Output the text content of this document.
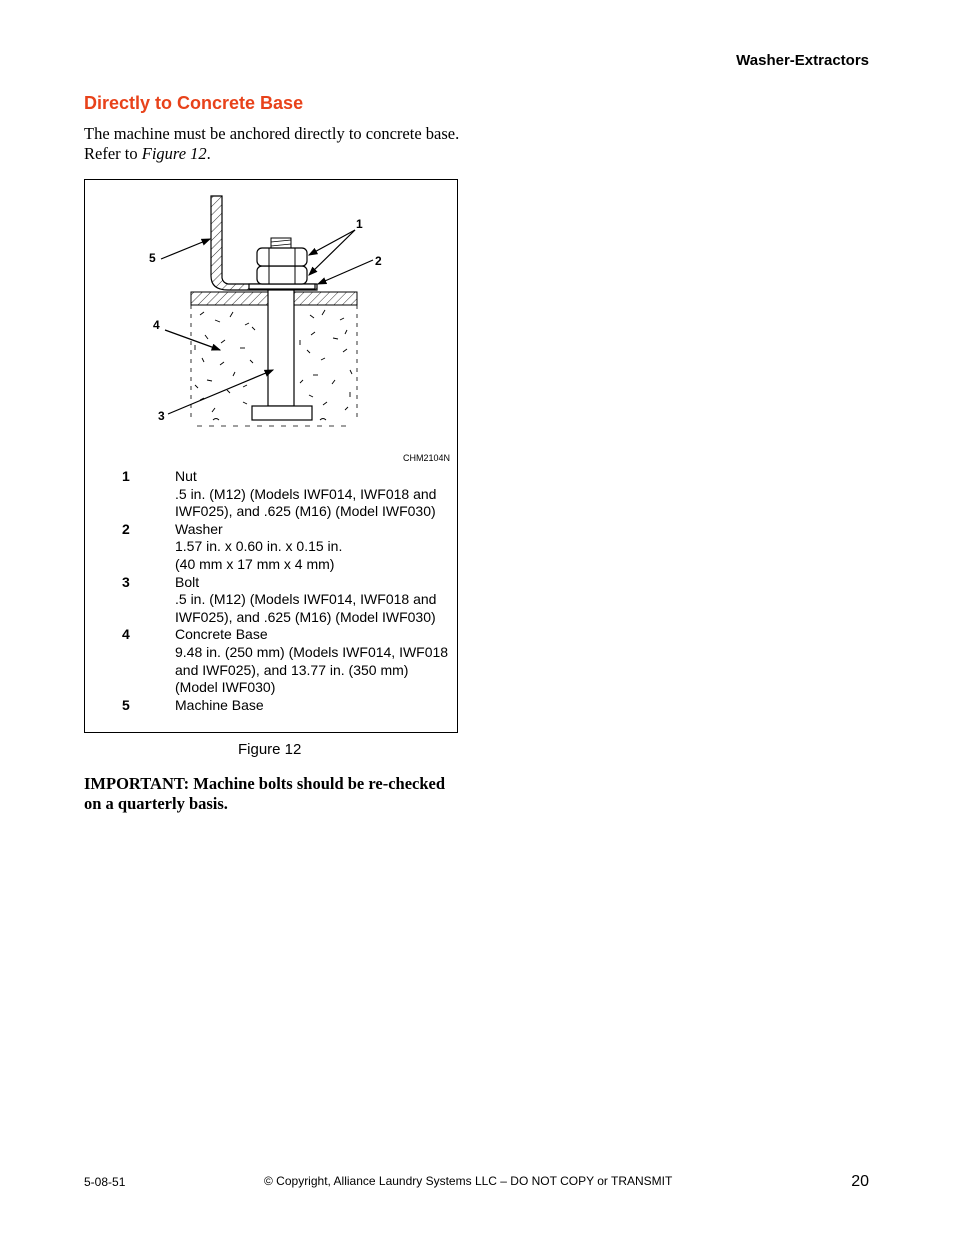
Washer-Extractors
Directly to Concrete Base
The machine must be anchored directly to concrete base. Refer to Figure 12.
1
2
5
4
3
CHM2104N
1	Nut
.5 in. (M12) (Models IWF014, IWF018 and IWF025), and .625 (M16) (Model IWF030)
2	Washer
1.57 in. x 0.60 in. x 0.15 in.
(40 mm x 17 mm x 4 mm)
3	Bolt
.5 in. (M12) (Models IWF014, IWF018 and IWF025), and .625 (M16) (Model IWF030)
4	Concrete Base
9.48 in. (250 mm) (Models IWF014, IWF018 and IWF025), and 13.77 in. (350 mm) (Model IWF030)
5	Machine Base
Figure 12
IMPORTANT: Machine bolts should be re-checked on a quarterly basis.
5-08-51	© Copyright, Alliance Laundry Systems LLC – DO NOT COPY or TRANSMIT	20
